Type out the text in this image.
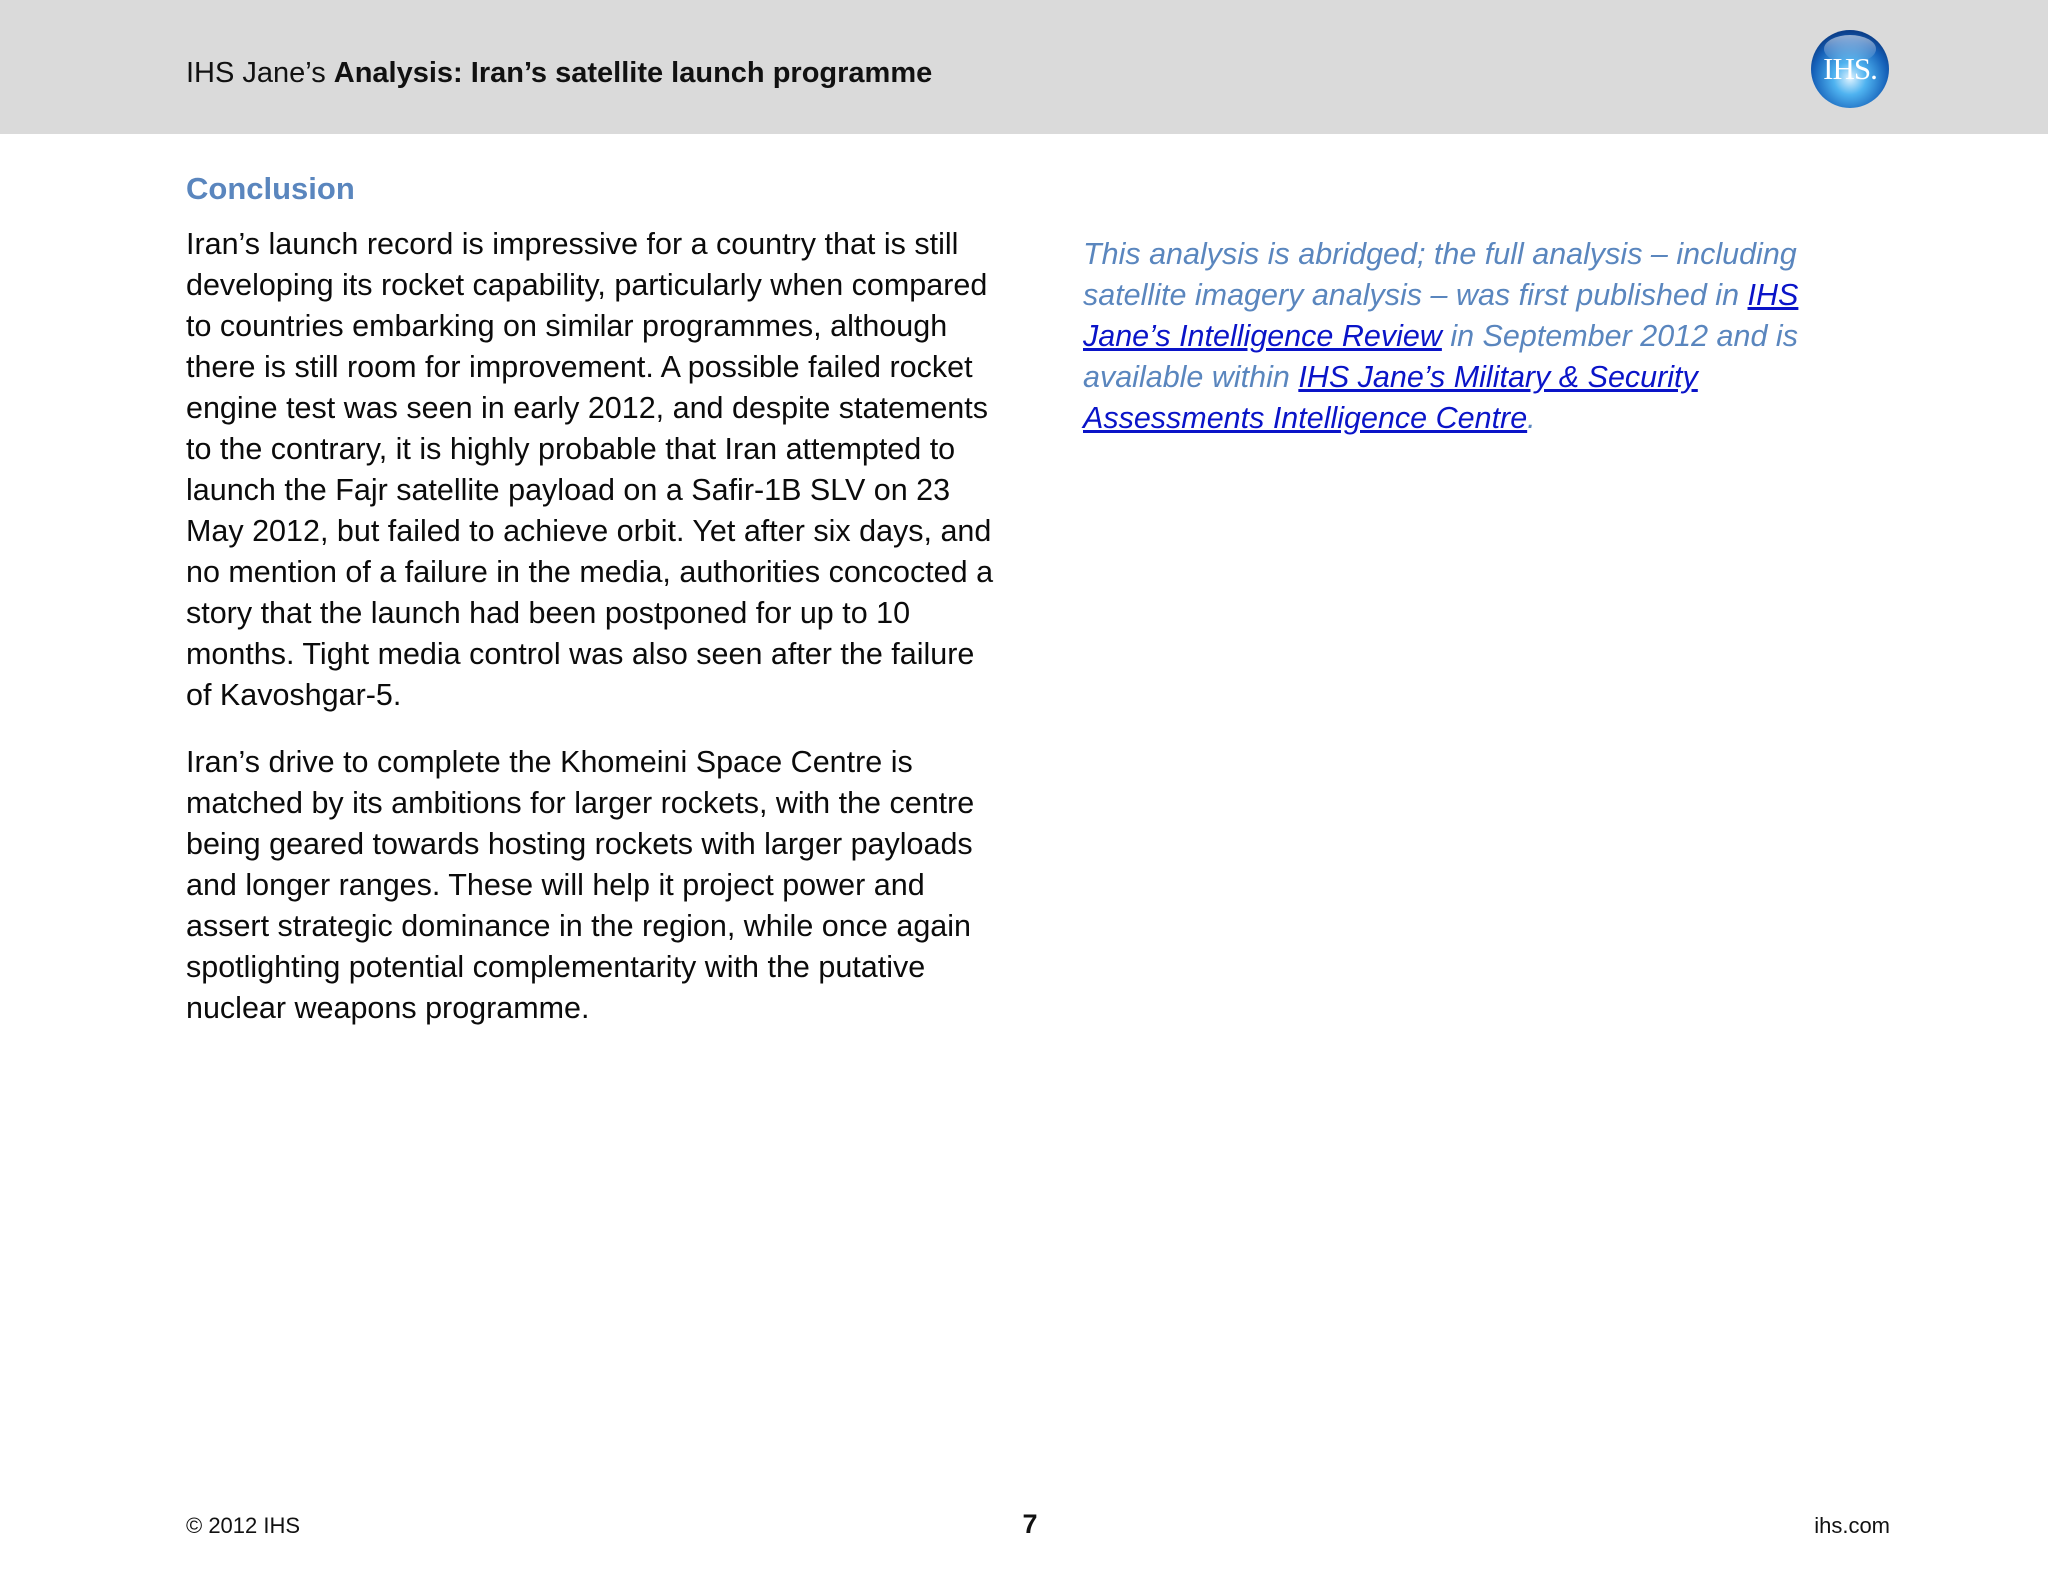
IHS Jane’s Analysis: Iran’s satellite launch programme	IHS.
Conclusion

Iran’s launch record is impressive for a country that is still developing its rocket capability, particularly when compared to countries embarking on similar programmes, although there is still room for improvement. A possible failed rocket engine test was seen in early 2012, and despite statements to the contrary, it is highly probable that Iran attempted to launch the Fajr satellite payload on a Safir-1B SLV on 23 May 2012, but failed to achieve orbit. Yet after six days, and no mention of a failure in the media, authorities concocted a story that the launch had been postponed for up to 10 months. Tight media control was also seen after the failure of Kavoshgar-5.

Iran’s drive to complete the Khomeini Space Centre is matched by its ambitions for larger rockets, with the centre being geared towards hosting rockets with larger payloads and longer ranges. These will help it project power and assert strategic dominance in the region, while once again spotlighting potential complementarity with the putative nuclear weapons programme.

This analysis is abridged; the full analysis – including satellite imagery analysis – was first published in IHS Jane’s Intelligence Review in September 2012 and is available within IHS Jane’s Military & Security Assessments Intelligence Centre.

© 2012 IHS	7	ihs.com
